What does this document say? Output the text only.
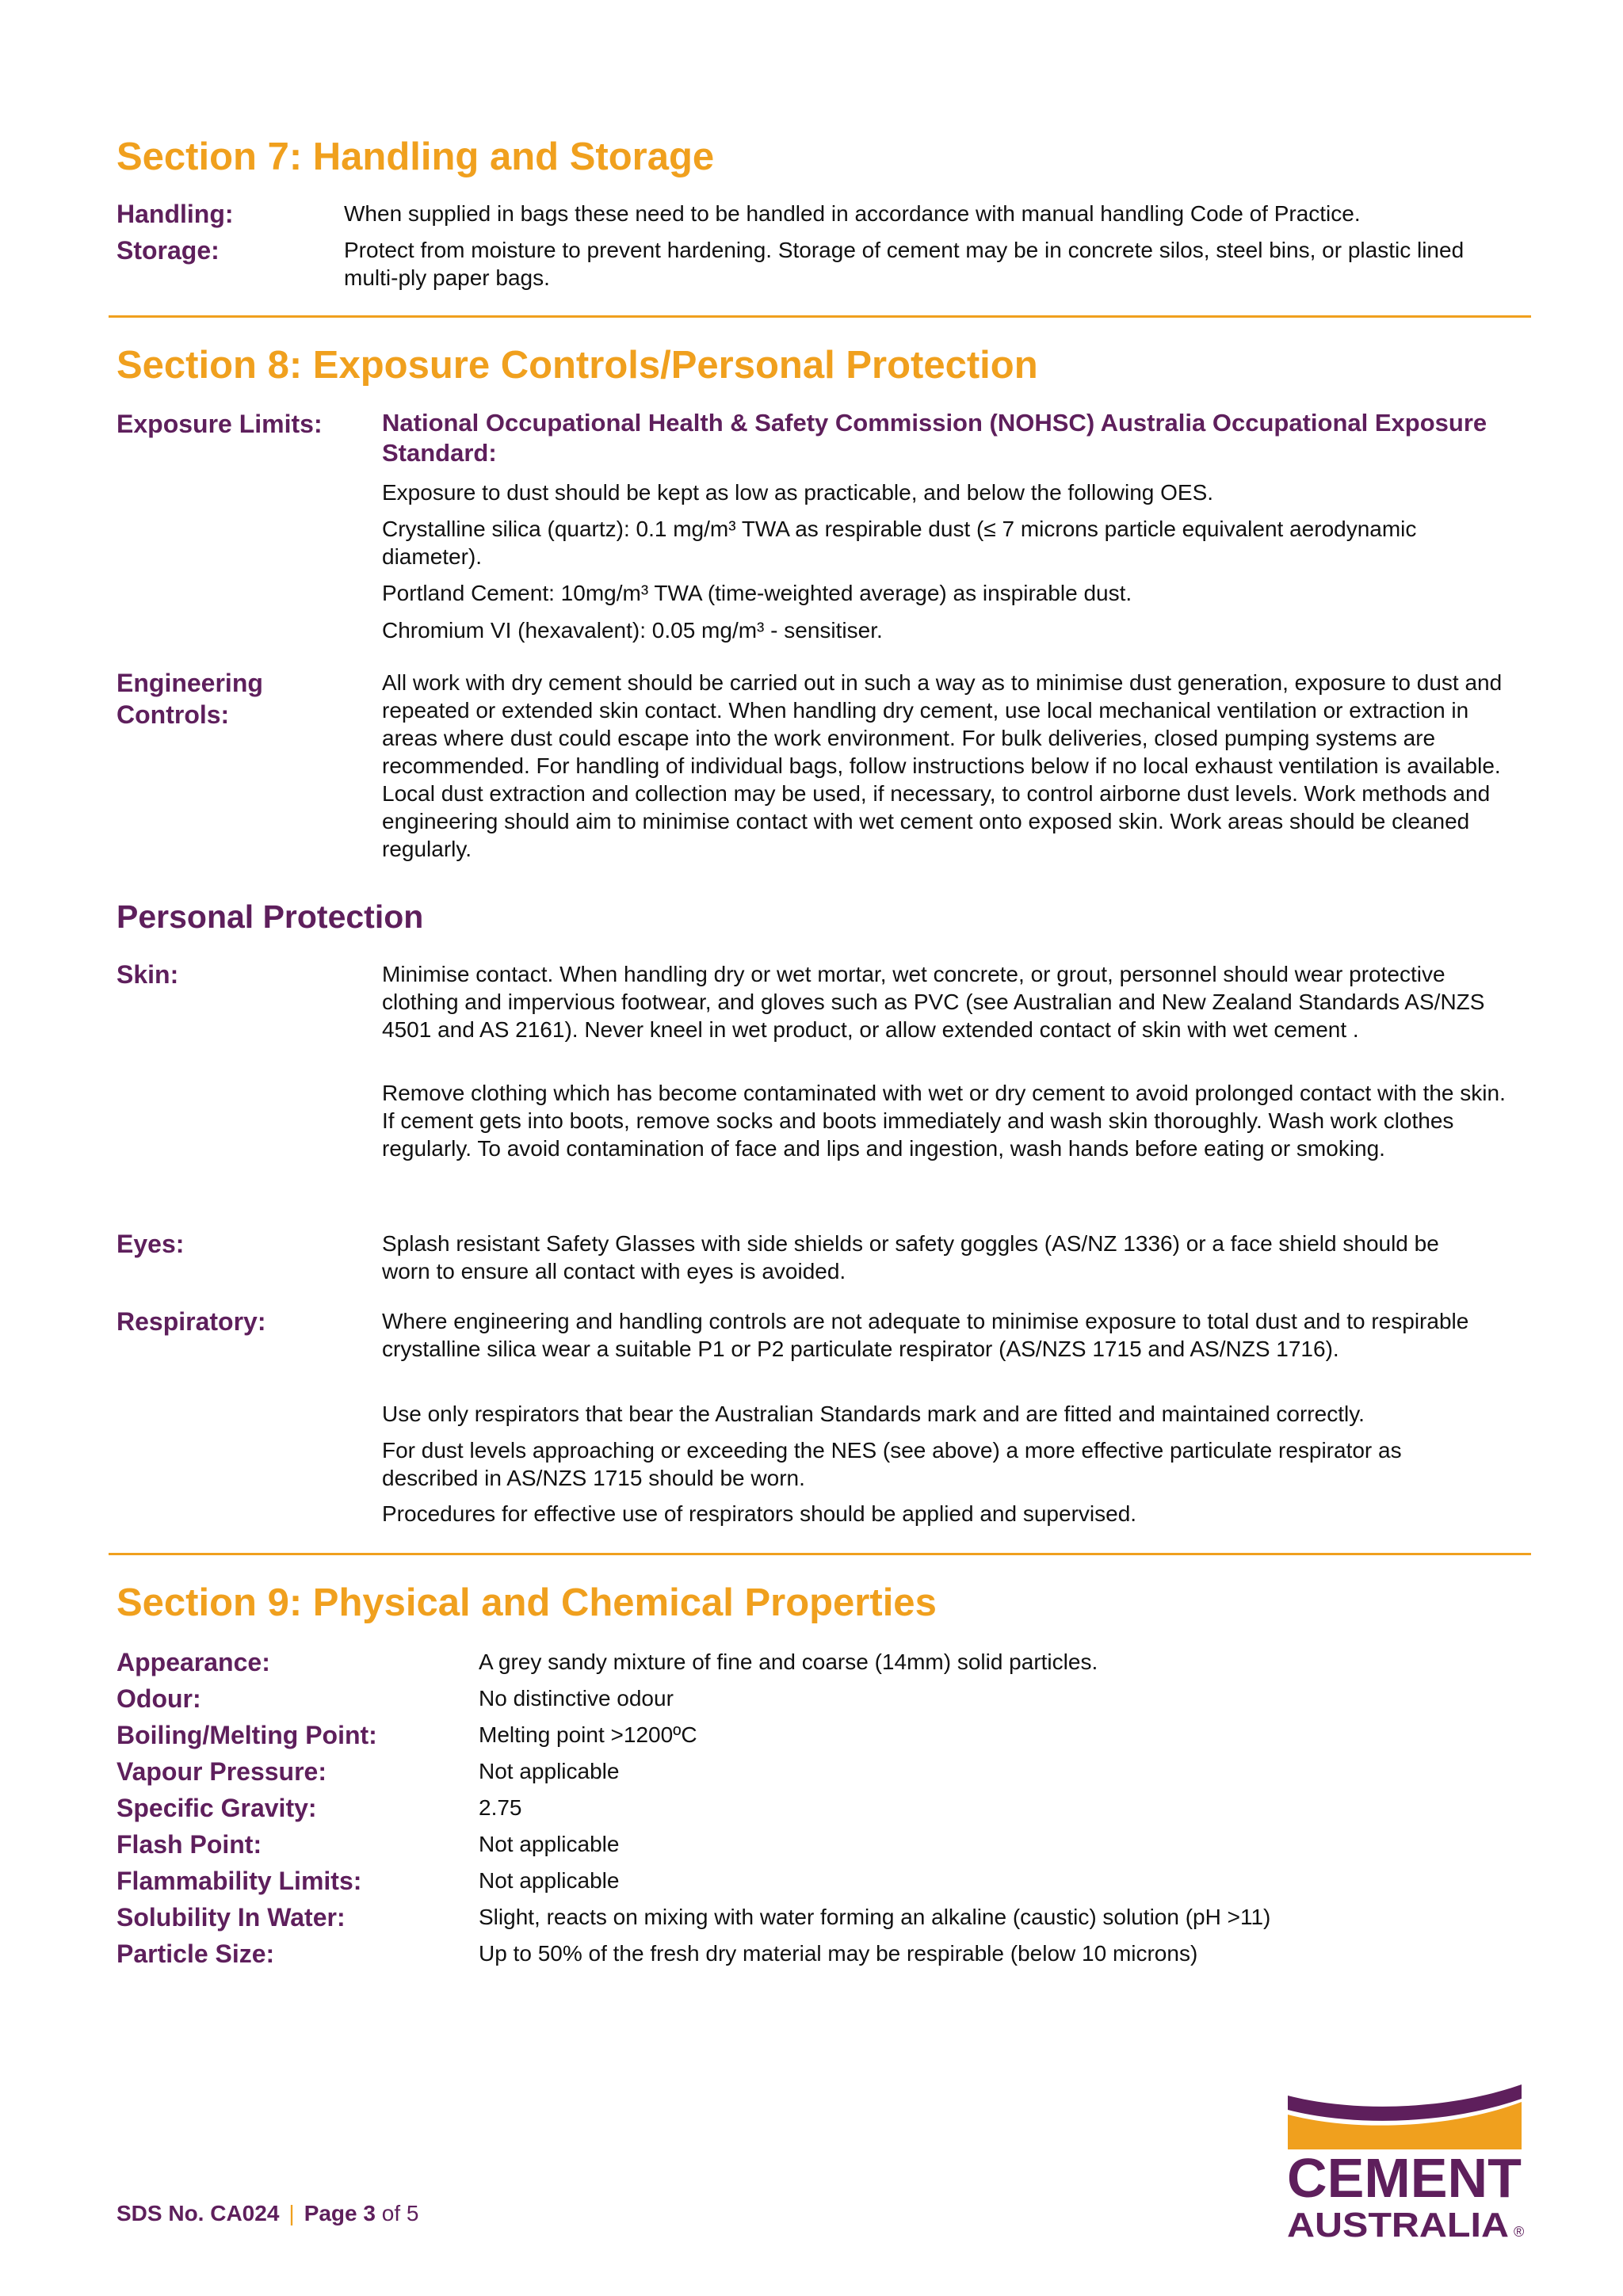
Section 7: Handling and Storage
Handling:	When supplied in bags these need to be handled in accordance with manual handling Code of Practice.
Storage:	Protect from moisture to prevent hardening. Storage of cement may be in concrete silos, steel bins, or plastic lined multi-ply paper bags.
Section 8: Exposure Controls/Personal Protection
Exposure Limits: National Occupational Health & Safety Commission (NOHSC) Australia Occupational Exposure Standard:
Exposure to dust should be kept as low as practicable, and below the following OES.
Crystalline silica (quartz): 0.1 mg/m³ TWA as respirable dust (≤ 7 microns particle equivalent aerodynamic diameter).
Portland Cement: 10mg/m³ TWA (time-weighted average) as inspirable dust.
Chromium VI (hexavalent): 0.05 mg/m³ - sensitiser.
Engineering Controls:
All work with dry cement should be carried out in such a way as to minimise dust generation, exposure to dust and repeated or extended skin contact. When handling dry cement, use local mechanical ventilation or extraction in areas where dust could escape into the work environment. For bulk deliveries, closed pumping systems are recommended. For handling of individual bags, follow instructions below if no local exhaust ventilation is available. Local dust extraction and collection may be used, if necessary, to control airborne dust levels. Work methods and engineering should aim to minimise contact with wet cement onto exposed skin. Work areas should be cleaned regularly.
Personal Protection
Skin:	Minimise contact. When handling dry or wet mortar, wet concrete, or grout, personnel should wear protective clothing and impervious footwear, and gloves such as PVC (see Australian and New Zealand Standards AS/NZS 4501 and AS 2161). Never kneel in wet product, or allow extended contact of skin with wet cement .
Remove clothing which has become contaminated with wet or dry cement to avoid prolonged contact with the skin. If cement gets into boots, remove socks and boots immediately and wash skin thoroughly. Wash work clothes regularly. To avoid contamination of face and lips and ingestion, wash hands before eating or smoking.
Eyes:	Splash resistant Safety Glasses with side shields or safety goggles (AS/NZ 1336) or a face shield should be worn to ensure all contact with eyes is avoided.
Respiratory:	Where engineering and handling controls are not adequate to minimise exposure to total dust and to respirable crystalline silica wear a suitable P1 or P2 particulate respirator (AS/NZS 1715 and AS/NZS 1716).
Use only respirators that bear the Australian Standards mark and are fitted and maintained correctly.
For dust levels approaching or exceeding the NES (see above) a more effective particulate respirator as described in AS/NZS 1715 should be worn.
Procedures for effective use of respirators should be applied and supervised.
Section 9: Physical and Chemical Properties
Appearance:	A grey sandy mixture of fine and coarse (14mm) solid particles.
Odour:	No distinctive odour
Boiling/Melting Point:	Melting point >1200ºC
Vapour Pressure:	Not applicable
Specific Gravity:	2.75
Flash Point:	Not applicable
Flammability Limits:	Not applicable
Solubility In Water:	Slight, reacts on mixing with water forming an alkaline (caustic) solution (pH >11)
Particle Size:	Up to 50% of the fresh dry material may be respirable (below 10 microns)
SDS No. CA024 | Page 3 of 5
CEMENT
AUSTRALIA ®
